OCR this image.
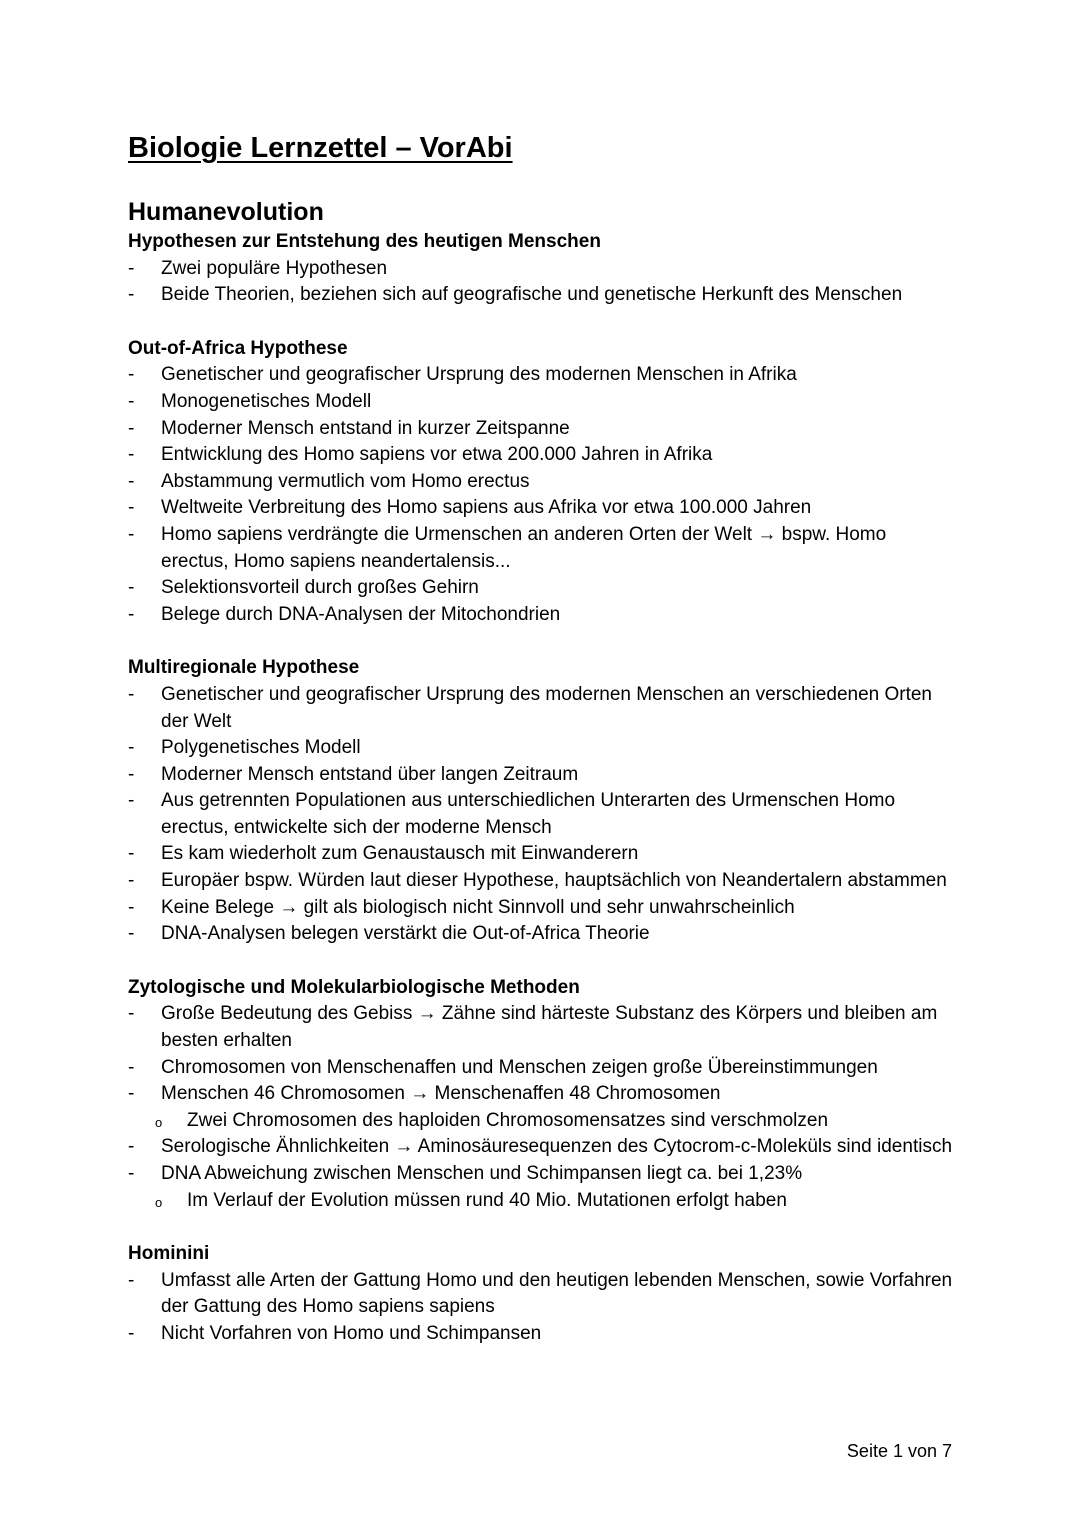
Biologie Lernzettel – VorAbi
Humanevolution
Hypothesen zur Entstehung des heutigen Menschen
- Zwei populäre Hypothesen
- Beide Theorien, beziehen sich auf geografische und genetische Herkunft des Menschen
Out-of-Africa Hypothese
- Genetischer und geografischer Ursprung des modernen Menschen in Afrika
- Monogenetisches Modell
- Moderner Mensch entstand in kurzer Zeitspanne
- Entwicklung des Homo sapiens vor etwa 200.000 Jahren in Afrika
- Abstammung vermutlich vom Homo erectus
- Weltweite Verbreitung des Homo sapiens aus Afrika vor etwa 100.000 Jahren
- Homo sapiens verdrängte die Urmenschen an anderen Orten der Welt → bspw. Homo erectus, Homo sapiens neandertalensis...
- Selektionsvorteil durch großes Gehirn
- Belege durch DNA-Analysen der Mitochondrien
Multiregionale Hypothese
- Genetischer und geografischer Ursprung des modernen Menschen an verschiedenen Orten der Welt
- Polygenetisches Modell
- Moderner Mensch entstand über langen Zeitraum
- Aus getrennten Populationen aus unterschiedlichen Unterarten des Urmenschen Homo erectus, entwickelte sich der moderne Mensch
- Es kam wiederholt zum Genaustausch mit Einwanderern
- Europäer bspw. Würden laut dieser Hypothese, hauptsächlich von Neandertalern abstammen
- Keine Belege → gilt als biologisch nicht Sinnvoll und sehr unwahrscheinlich
- DNA-Analysen belegen verstärkt die Out-of-Africa Theorie
Zytologische und Molekularbiologische Methoden
- Große Bedeutung des Gebiss → Zähne sind härteste Substanz des Körpers und bleiben am besten erhalten
- Chromosomen von Menschenaffen und Menschen zeigen große Übereinstimmungen
- Menschen 46 Chromosomen → Menschenaffen 48 Chromosomen
o Zwei Chromosomen des haploiden Chromosomensatzes sind verschmolzen
- Serologische Ähnlichkeiten → Aminosäuresequenzen des Cytocrom-c-Moleküls sind identisch
- DNA Abweichung zwischen Menschen und Schimpansen liegt ca. bei 1,23%
o Im Verlauf der Evolution müssen rund 40 Mio. Mutationen erfolgt haben
Hominini
- Umfasst alle Arten der Gattung Homo und den heutigen lebenden Menschen, sowie Vorfahren der Gattung des Homo sapiens sapiens
- Nicht Vorfahren von Homo und Schimpansen
Seite 1 von 7
